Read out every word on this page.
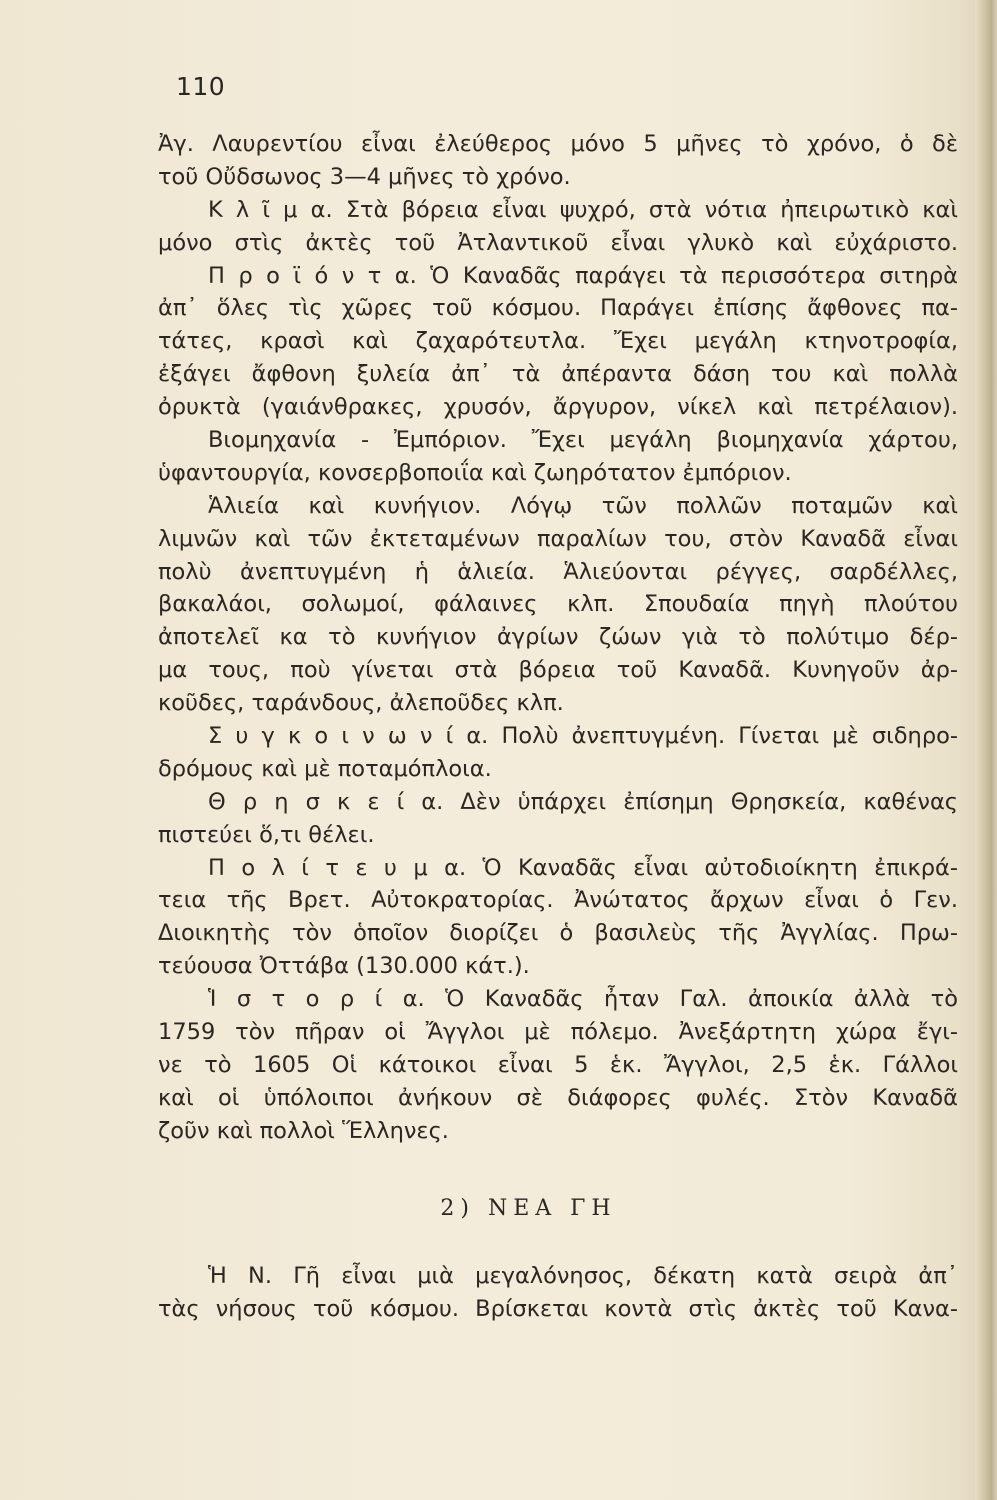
110
Ἀγ. Λαυρεντίου εἶναι ἐλεύθερος μόνο 5 μῆνες τὸ χρόνο, ὁ δὲ
τοῦ Οὔδσωνος 3—4 μῆνες τὸ χρόνο.
Κ λ ῖ μ α. Στὰ βόρεια εἶναι ψυχρό, στὰ νότια ἠπειρωτικὸ καὶ
μόνο στὶς ἀκτὲς τοῦ Ἀτλαντικοῦ εἶναι γλυκὸ καὶ εὐχάριστο.
Π ρ ο ϊ ό ν τ α. Ὁ Καναδᾶς παράγει τὰ περισσότερα σιτηρὰ
ἀπ᾽ ὅλες τὶς χῶρες τοῦ κόσμου. Παράγει ἐπίσης ἄφθονες πα-
τάτες, κρασὶ καὶ ζαχαρότευτλα. Ἔχει μεγάλη κτηνοτροφία,
ἐξάγει ἄφθονη ξυλεία ἀπ᾽ τὰ ἀπέραντα δάση του καὶ πολλὰ
ὀρυκτὰ (γαιάνθρακες, χρυσόν, ἄργυρον, νίκελ καὶ πετρέλαιον).
Βιομηχανία - Ἐμπόριον. Ἔχει μεγάλη βιομηχανία χάρτου,
ὑφαντουργία, κονσερβοποιΐα καὶ ζωηρότατον ἐμπόριον.
Ἁλιεία καὶ κυνήγιον. Λόγῳ τῶν πολλῶν ποταμῶν καὶ
λιμνῶν καὶ τῶν ἐκτεταμένων παραλίων του, στὸν Καναδᾶ εἶναι
πολὺ ἀνεπτυγμένη ἡ ἁλιεία. Ἁλιεύονται ρέγγες, σαρδέλλες,
βακαλάοι, σολωμοί, φάλαινες κλπ. Σπουδαία πηγὴ πλούτου
ἀποτελεῖ κα τὸ κυνήγιον ἀγρίων ζώων γιὰ τὸ πολύτιμο δέρ-
μα τους, ποὺ γίνεται στὰ βόρεια τοῦ Καναδᾶ. Κυνηγοῦν ἀρ-
κοῦδες, ταράνδους, ἀλεποῦδες κλπ.
Σ υ γ κ ο ι ν ω ν ί α. Πολὺ ἀνεπτυγμένη. Γίνεται μὲ σιδηρο-
δρόμους καὶ μὲ ποταμόπλοια.
Θ ρ η σ κ ε ί α. Δὲν ὑπάρχει ἐπίσημη Θρησκεία, καθένας
πιστεύει ὅ,τι θέλει.
Π ο λ ί τ ε υ μ α. Ὁ Καναδᾶς εἶναι αὐτοδιοίκητη ἐπικρά-
τεια τῆς Βρετ. Αὐτοκρατορίας. Ἀνώτατος ἄρχων εἶναι ὁ Γεν.
Διοικητὴς τὸν ὁποῖον διορίζει ὁ βασιλεὺς τῆς Ἀγγλίας. Πρω-
τεύουσα Ὀττάβα (130.000 κάτ.).
Ἱ σ τ ο ρ ί α. Ὁ Καναδᾶς ἦταν Γαλ. ἀποικία ἀλλὰ τὸ
1759 τὸν πῆραν οἱ Ἄγγλοι μὲ πόλεμο. Ἀνεξάρτητη χώρα ἔγι-
νε τὸ 1605 Οἱ κάτοικοι εἶναι 5 ἑκ. Ἄγγλοι, 2,5 ἑκ. Γάλλοι
καὶ οἱ ὑπόλοιποι ἀνήκουν σὲ διάφορες φυλές. Στὸν Καναδᾶ
ζοῦν καὶ πολλοὶ Ἕλληνες.
2) ΝΕΑ ΓΗ
Ἡ Ν. Γῆ εἶναι μιὰ μεγαλόνησος, δέκατη κατὰ σειρὰ ἀπ᾽
τὰς νήσους τοῦ κόσμου. Βρίσκεται κοντὰ στὶς ἀκτὲς τοῦ Κανα-
